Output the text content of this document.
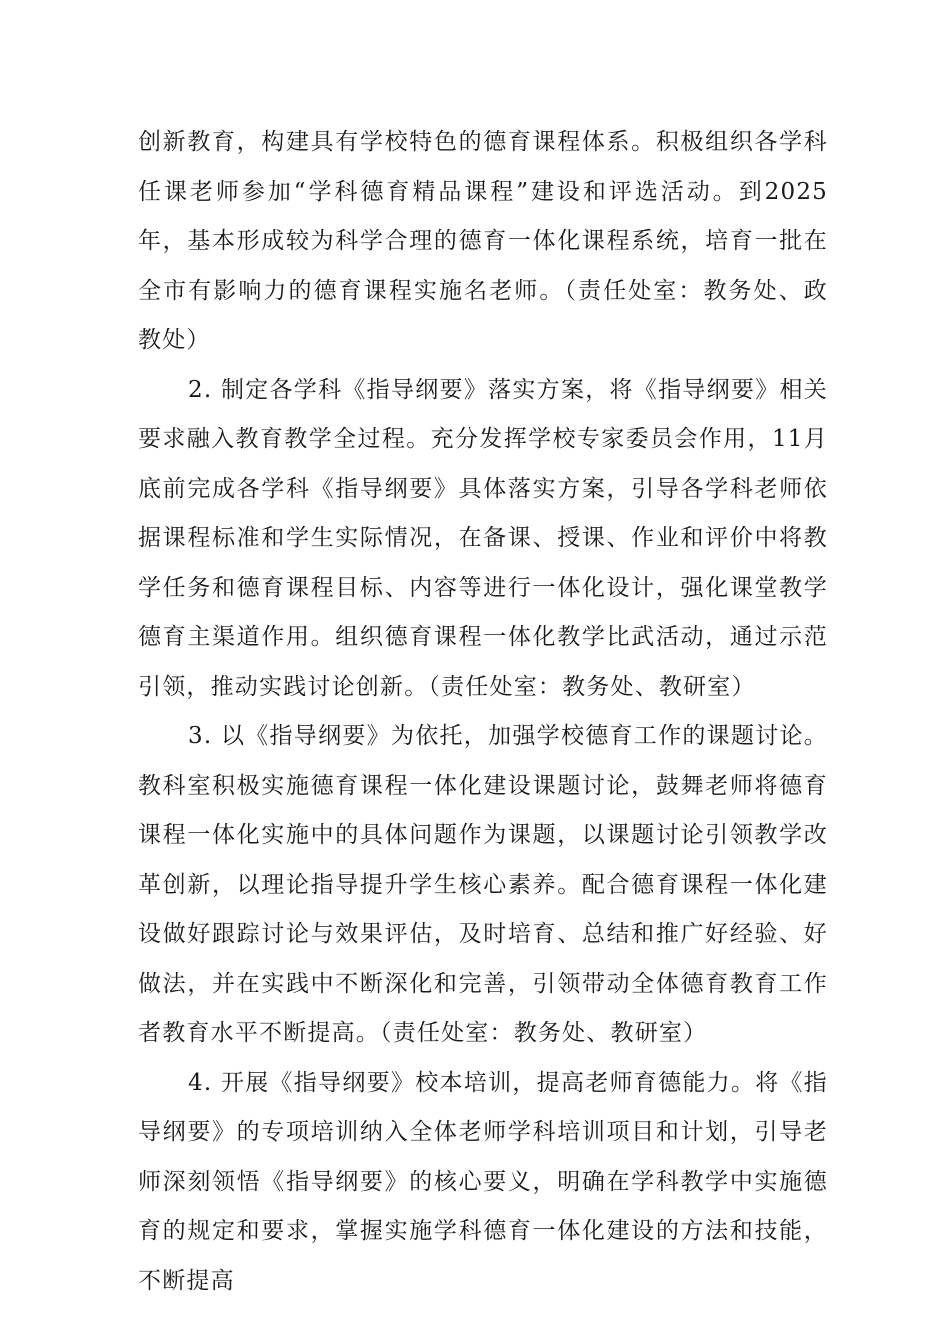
创新教育，构建具有学校特色的德育课程体系。积极组织各学科任课老师参加“学科德育精品课程”建设和评选活动。到2025年，基本形成较为科学合理的德育一体化课程系统，培育一批在全市有影响力的德育课程实施名老师。（责任处室：教务处、政教处）

2. 制定各学科《指导纲要》落实方案，将《指导纲要》相关要求融入教育教学全过程。充分发挥学校专家委员会作用，11月底前完成各学科《指导纲要》具体落实方案，引导各学科老师依据课程标准和学生实际情况，在备课、授课、作业和评价中将教学任务和德育课程目标、内容等进行一体化设计，强化课堂教学德育主渠道作用。组织德育课程一体化教学比武活动，通过示范引领，推动实践讨论创新。（责任处室：教务处、教研室）

3. 以《指导纲要》为依托，加强学校德育工作的课题讨论。教科室积极实施德育课程一体化建设课题讨论，鼓舞老师将德育课程一体化实施中的具体问题作为课题，以课题讨论引领教学改革创新，以理论指导提升学生核心素养。配合德育课程一体化建设做好跟踪讨论与效果评估，及时培育、总结和推广好经验、好做法，并在实践中不断深化和完善，引领带动全体德育教育工作者教育水平不断提高。（责任处室：教务处、教研室）

4. 开展《指导纲要》校本培训，提高老师育德能力。将《指导纲要》的专项培训纳入全体老师学科培训项目和计划，引导老师深刻领悟《指导纲要》的核心要义，明确在学科教学中实施德育的规定和要求，掌握实施学科德育一体化建设的方法和技能，不断提高
